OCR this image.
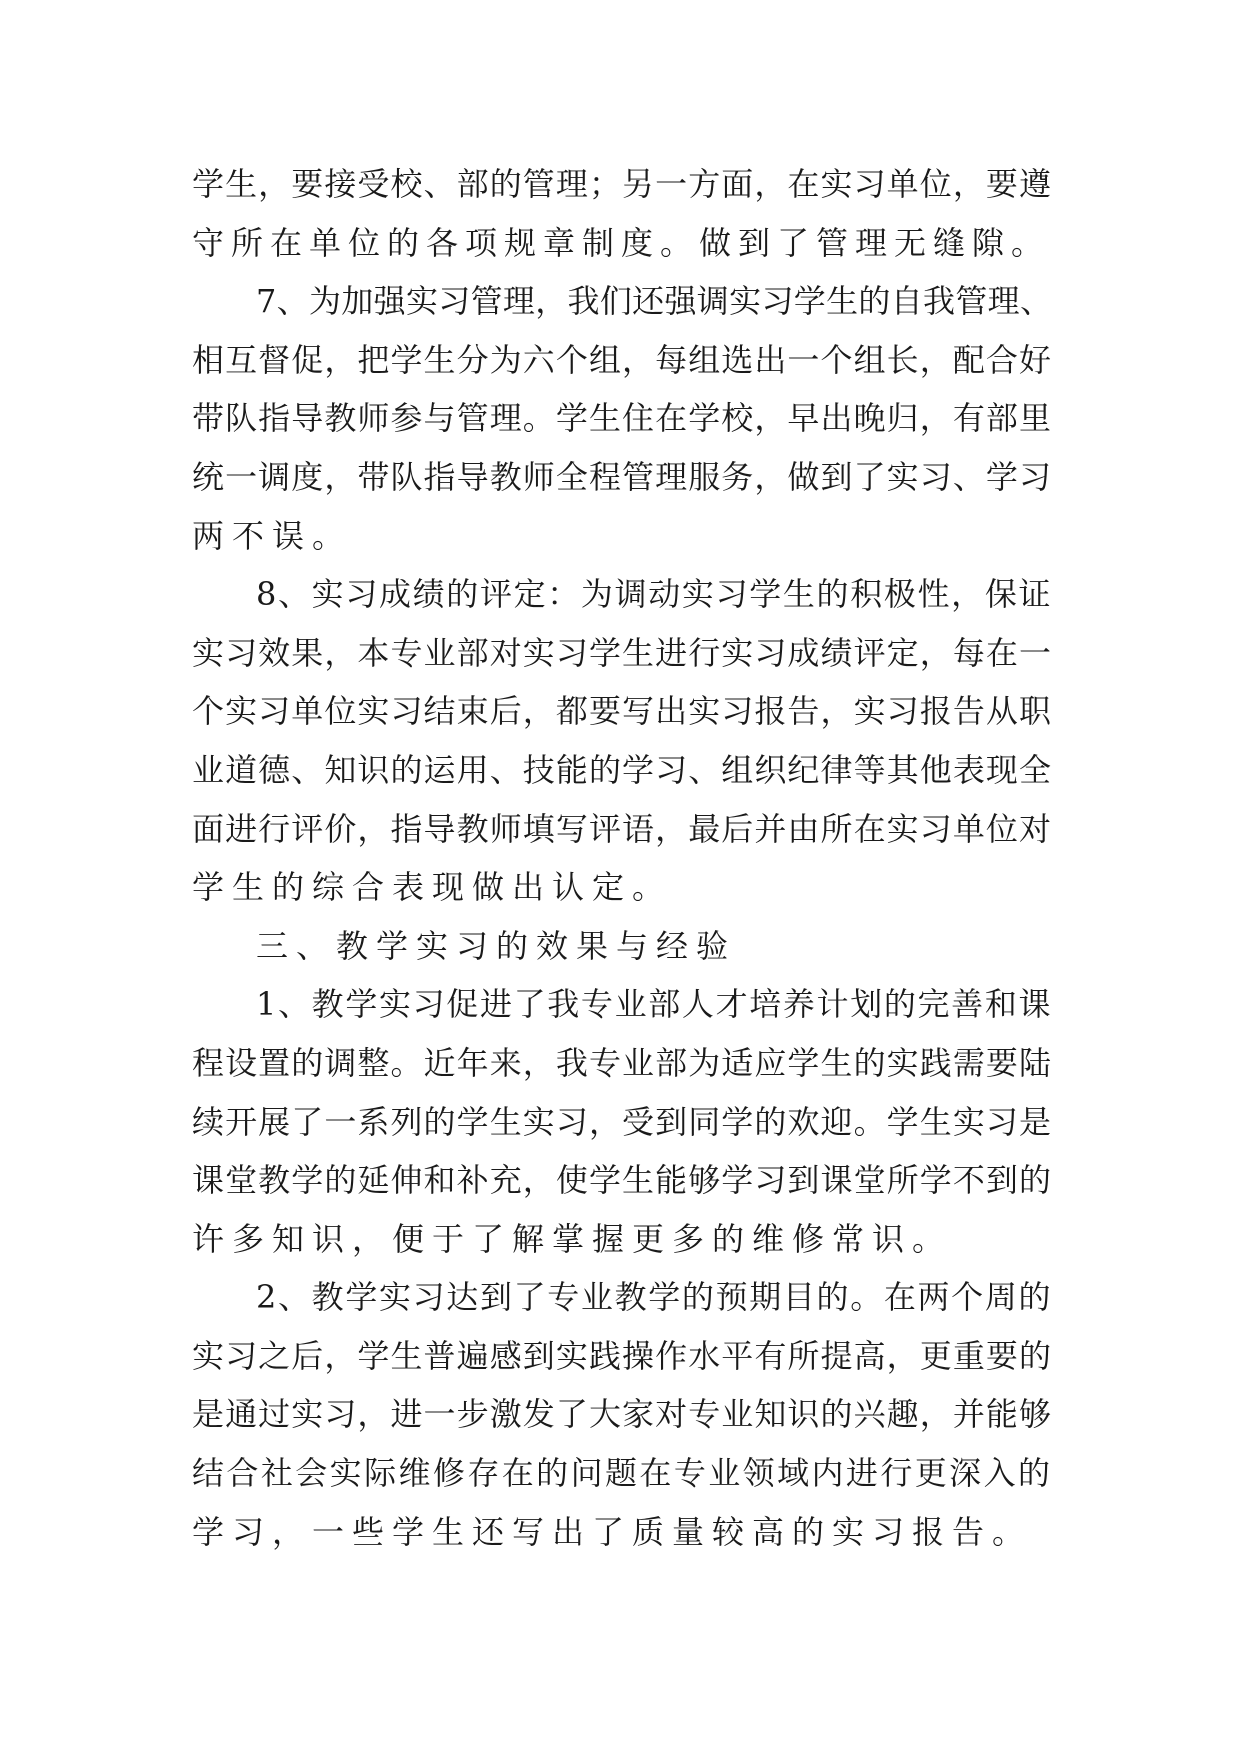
学生，要接受校、部的管理；另一方面，在实习单位，要遵
守所在单位的各项规章制度。做到了管理无缝隙。
7、为加强实习管理，我们还强调实习学生的自我管理、
相互督促，把学生分为六个组，每组选出一个组长，配合好
带队指导教师参与管理。学生住在学校，早出晚归，有部里
统一调度，带队指导教师全程管理服务，做到了实习、学习
两不误。
8、实习成绩的评定：为调动实习学生的积极性，保证
实习效果，本专业部对实习学生进行实习成绩评定，每在一
个实习单位实习结束后，都要写出实习报告，实习报告从职
业道德、知识的运用、技能的学习、组织纪律等其他表现全
面进行评价，指导教师填写评语，最后并由所在实习单位对
学生的综合表现做出认定。
三、教学实习的效果与经验
1、教学实习促进了我专业部人才培养计划的完善和课
程设置的调整。近年来，我专业部为适应学生的实践需要陆
续开展了一系列的学生实习，受到同学的欢迎。学生实习是
课堂教学的延伸和补充，使学生能够学习到课堂所学不到的
许多知识，便于了解掌握更多的维修常识。
2、教学实习达到了专业教学的预期目的。在两个周的
实习之后，学生普遍感到实践操作水平有所提高，更重要的
是通过实习，进一步激发了大家对专业知识的兴趣，并能够
结合社会实际维修存在的问题在专业领域内进行更深入的
学习，一些学生还写出了质量较高的实习报告。
